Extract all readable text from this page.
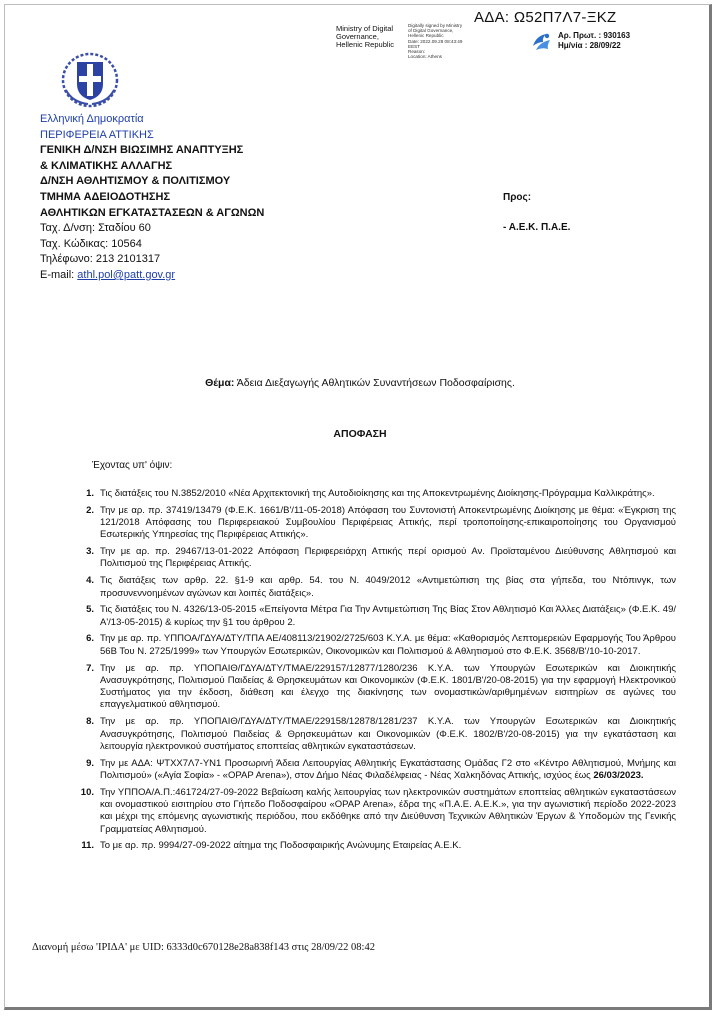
ΑΔΑ: Ω52Π7Λ7-ΞΚΖ
Ministry of Digital
Governance,
Hellenic Republic
Digitally signed by Ministry
of Digital Governance,
Hellenic Republic
Date: 2022.09.28 08:43:49
EEST
Reason:
Location: Athens
Αρ. Πρωτ. : 930163
Ημ/νία : 28/09/22
Ελληνική Δημοκρατία
ΠΕΡΙΦΕΡΕΙΑ ΑΤΤΙΚΗΣ
ΓΕΝΙΚΗ Δ/ΝΣΗ ΒΙΩΣΙΜΗΣ ΑΝΑΠΤΥΞΗΣ
& ΚΛΙΜΑΤΙΚΗΣ ΑΛΛΑΓΗΣ
Δ/ΝΣΗ ΑΘΛΗΤΙΣΜΟΥ & ΠΟΛΙΤΙΣΜΟΥ
ΤΜΗΜΑ ΑΔΕΙΟΔΟΤΗΣΗΣ
ΑΘΛΗΤΙΚΩΝ ΕΓΚΑΤΑΣΤΑΣΕΩΝ & ΑΓΩΝΩΝ
Ταχ. Δ/νση: Σταδίου 60
Ταχ. Κώδικας: 10564
Τηλέφωνο: 213 2101317
E-mail: athl.pol@patt.gov.gr
Προς:
- Α.Ε.Κ. Π.Α.Ε.
Θέμα: Άδεια Διεξαγωγής Αθλητικών Συναντήσεων Ποδοσφαίρισης.
ΑΠΟΦΑΣΗ
Έχοντας υπ' όψιν:
1. Τις διατάξεις του Ν.3852/2010 «Νέα Αρχιτεκτονική της Αυτοδιοίκησης και της Αποκεντρωμένης Διοίκησης-Πρόγραμμα Καλλικράτης».
2. Την με αρ. πρ. 37419/13479 (Φ.Ε.Κ. 1661/Β'/11-05-2018) Απόφαση του Συντονιστή Αποκεντρωμένης Διοίκησης με θέμα: «Έγκριση της 121/2018 Απόφασης του Περιφερειακού Συμβουλίου Περιφέρειας Αττικής, περί τροποποίησης-επικαιροποίησης του Οργανισμού Εσωτερικής Υπηρεσίας της Περιφέρειας Αττικής».
3. Την με αρ. πρ. 29467/13-01-2022 Απόφαση Περιφερειάρχη Αττικής περί ορισμού Αν. Προϊσταμένου Διεύθυνσης Αθλητισμού και Πολιτισμού της Περιφέρειας Αττικής.
4. Τις διατάξεις των αρθρ. 22. §1-9 και αρθρ. 54. του Ν. 4049/2012 «Αντιμετώπιση της βίας στα γήπεδα, του Ντόπινγκ, των προσυνεννοημένων αγώνων και λοιπές διατάξεις».
5. Τις διατάξεις του Ν. 4326/13-05-2015 «Επείγοντα Μέτρα Για Την Αντιμετώπιση Της Βίας Στον Αθλητισμό Και Άλλες Διατάξεις» (Φ.Ε.Κ. 49/Α'/13-05-2015) & κυρίως την §1 του άρθρου 2.
6. Την με αρ. πρ. ΥΠΠΟΑ/ΓΔΥΑ/ΔΤΥ/ΤΠΑ ΑΕ/408113/21902/2725/603 Κ.Υ.Α. με θέμα: «Καθορισμός Λεπτομερειών Εφαρμογής Του Άρθρου 56Β Του Ν. 2725/1999» των Υπουργών Εσωτερικών, Οικονομικών και Πολιτισμού & Αθλητισμού στο Φ.Ε.Κ. 3568/Β'/10-10-2017.
7. Την με αρ. πρ. ΥΠΟΠΑΙΘ/ΓΔΥΑ/ΔΤΥ/ΤΜΑΕ/229157/12877/1280/236 Κ.Υ.Α. των Υπουργών Εσωτερικών και Διοικητικής Ανασυγκρότησης, Πολιτισμού Παιδείας & Θρησκευμάτων και Οικονομικών (Φ.Ε.Κ. 1801/Β'/20-08-2015) για την εφαρμογή Ηλεκτρονικού Συστήματος για την έκδοση, διάθεση και έλεγχο της διακίνησης των ονομαστικών/αριθμημένων εισιτηρίων σε αγώνες του επαγγελματικού αθλητισμού.
8. Την με αρ. πρ. ΥΠΟΠΑΙΘ/ΓΔΥΑ/ΔΤΥ/ΤΜΑΕ/229158/12878/1281/237 Κ.Υ.Α. των Υπουργών Εσωτερικών και Διοικητικής Ανασυγκρότησης, Πολιτισμού Παιδείας & Θρησκευμάτων και Οικονομικών (Φ.Ε.Κ. 1802/Β'/20-08-2015) για την εγκατάσταση και λειτουργία ηλεκτρονικού συστήματος εποπτείας αθλητικών εγκαταστάσεων.
9. Την με ΑΔΑ: ΨΤΧΧ7Λ7-ΥΝ1 Προσωρινή Άδεια Λειτουργίας Αθλητικής Εγκατάστασης Ομάδας Γ2 στο «Κέντρο Αθλητισμού, Μνήμης και Πολιτισμού» («Αγία Σοφία» - «OPAP Arena»), στον Δήμο Νέας Φιλαδέλφειας - Νέας Χαλκηδόνας Αττικής, ισχύος έως 26/03/2023.
10. Την ΥΠΠΟΑ/Α.Π.:461724/27-09-2022 Βεβαίωση καλής λειτουργίας των ηλεκτρονικών συστημάτων εποπτείας αθλητικών εγκαταστάσεων και ονομαστικού εισιτηρίου στο Γήπεδο Ποδοσφαίρου «OPAP Arena», έδρα της «Π.Α.Ε. Α.Ε.Κ.», για την αγωνιστική περίοδο 2022-2023 και μέχρι της επόμενης αγωνιστικής περιόδου, που εκδόθηκε από την Διεύθυνση Τεχνικών Αθλητικών Έργων & Υποδομών της Γενικής Γραμματείας Αθλητισμού.
11. Το με αρ. πρ. 9994/27-09-2022 αίτημα της Ποδοσφαιρικής Ανώνυμης Εταιρείας Α.Ε.Κ.
Διανομή μέσω 'ΙΡΙΔΑ' με UID: 6333d0c670128e28a838f143 στις 28/09/22 08:42
